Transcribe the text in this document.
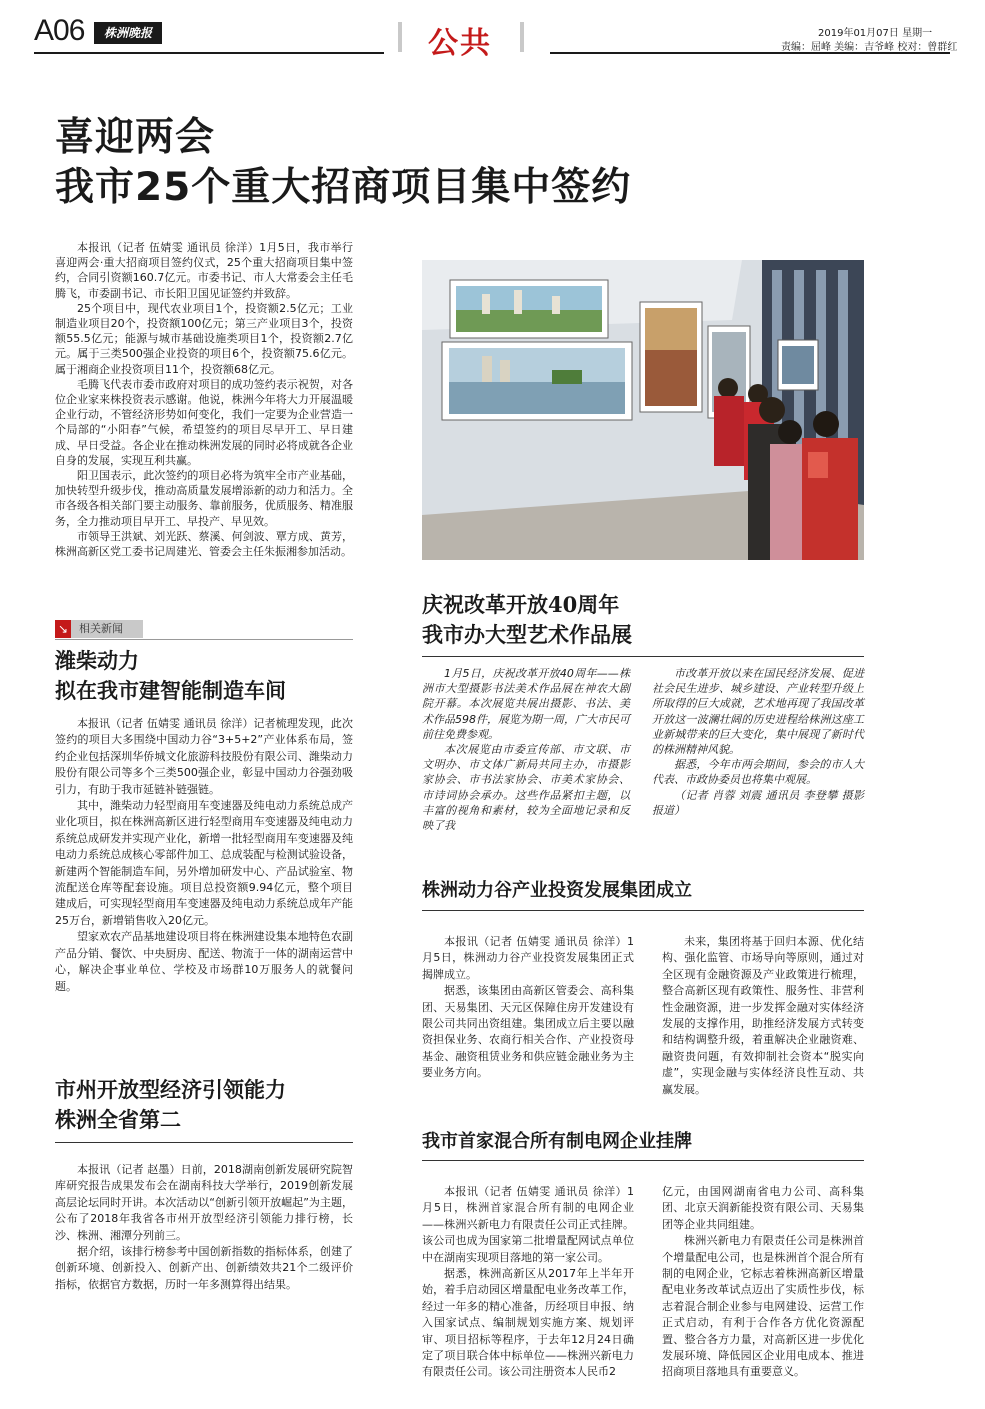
A06	株洲晚报	公共	2019年01月07日 星期一
责编：屈峰 美编：吉爷峰 校对：曾群红
喜迎两会
我市25个重大招商项目集中签约

本报讯（记者 伍婧雯 通讯员 徐洋）1月5日，我市举行喜迎两会·重大招商项目签约仪式，25个重大招商项目集中签约，合同引资额160.7亿元。市委书记、市人大常委会主任毛腾飞，市委副书记、市长阳卫国见证签约并致辞。

25个项目中，现代农业项目1个，投资额2.5亿元；工业制造业项目20个，投资额100亿元；第三产业项目3个，投资额55.5亿元；能源与城市基础设施类项目1个，投资额2.7亿元。属于三类500强企业投资的项目6个，投资额75.6亿元。属于湘商企业投资项目11个，投资额68亿元。

毛腾飞代表市委市政府对项目的成功签约表示祝贺，对各位企业家来株投资表示感谢。他说，株洲今年将大力开展温暖企业行动，不管经济形势如何变化，我们一定要为企业营造一个局部的“小阳春”气候，希望签约的项目尽早开工、早日建成、早日受益。各企业在推动株洲发展的同时必将成就各企业自身的发展，实现互利共赢。

阳卫国表示，此次签约的项目必将为筑牢全市产业基础，加快转型升级步伐，推动高质量发展增添新的动力和活力。全市各级各相关部门要主动服务、靠前服务，优质服务、精准服务，全力推动项目早开工、早投产、早见效。

市领导王洪斌、刘光跃、蔡溪、何剑波、覃方成、黄芳，株洲高新区党工委书记周建光、管委会主任朱振湘参加活动。

庆祝改革开放40周年
我市办大型艺术作品展

1月5日，庆祝改革开放40周年——株洲市大型摄影书法美术作品展在神农大剧院开幕。本次展览共展出摄影、书法、美术作品598件，展览为期一周，广大市民可前往免费参观。

本次展览由市委宣传部、市文联、市文明办、市文体广新局共同主办，市摄影家协会、市书法家协会、市美术家协会、市诗词协会承办。这些作品紧扣主题，以丰富的视角和素材，较为全面地记录和反映了我

市改革开放以来在国民经济发展、促进社会民生进步、城乡建设、产业转型升级上所取得的巨大成就，艺术地再现了我国改革开放这一波澜壮阔的历史进程给株洲这座工业新城带来的巨大变化，集中展现了新时代的株洲精神风貌。

据悉，今年市两会期间，参会的市人大代表、市政协委员也将集中观展。

（记者 肖蓉 刘震 通讯员 李登攀 摄影报道）

↘ 相关新闻
潍柴动力
拟在我市建智能制造车间

本报讯（记者 伍婧雯 通讯员 徐洋）记者梳理发现，此次签约的项目大多围绕中国动力谷“3+5+2”产业体系布局，签约企业包括深圳华侨城文化旅游科技股份有限公司、潍柴动力股份有限公司等多个三类500强企业，彰显中国动力谷强劲吸引力，有助于我市延链补链强链。

其中，潍柴动力轻型商用车变速器及纯电动力系统总成产业化项目，拟在株洲高新区进行轻型商用车变速器及纯电动力系统总成研发并实现产业化，新增一批轻型商用车变速器及纯电动力系统总成核心零部件加工、总成装配与检测试验设备，新建两个智能制造车间，另外增加研发中心、产品试验室、物流配送仓库等配套设施。项目总投资额9.94亿元，整个项目建成后，可实现轻型商用车变速器及纯电动力系统总成年产能25万台，新增销售收入20亿元。

望家欢农产品基地建设项目将在株洲建设集本地特色农副产品分销、餐饮、中央厨房、配送、物流于一体的湖南运营中心，解决企事业单位、学校及市场群10万服务人的就餐问题。

株洲动力谷产业投资发展集团成立

本报讯（记者 伍婧雯 通讯员 徐洋）1月5日，株洲动力谷产业投资发展集团正式揭牌成立。

据悉，该集团由高新区管委会、高科集团、天易集团、天元区保障住房开发建设有限公司共同出资组建。集团成立后主要以融资担保业务、农商行相关合作、产业投资母基金、融资租赁业务和供应链金融业务为主要业务方向。

未来，集团将基于回归本源、优化结构、强化监管、市场导向等原则，通过对全区现有金融资源及产业政策进行梳理，整合高新区现有政策性、服务性、非营利性金融资源，进一步发挥金融对实体经济发展的支撑作用，助推经济发展方式转变和结构调整升级，着重解决企业融资难、融资贵问题，有效抑制社会资本“脱实向虚”，实现金融与实体经济良性互动、共赢发展。

市州开放型经济引领能力
株洲全省第二

本报讯（记者 赵墨）日前，2018湖南创新发展研究院智库研究报告成果发布会在湖南科技大学举行，2019创新发展高层论坛同时开讲。本次活动以“创新引领开放崛起”为主题，公布了2018年我省各市州开放型经济引领能力排行榜，长沙、株洲、湘潭分列前三。

据介绍，该排行榜参考中国创新指数的指标体系，创建了创新环境、创新投入、创新产出、创新绩效共21个二级评价指标，依据官方数据，历时一年多测算得出结果。

我市首家混合所有制电网企业挂牌

本报讯（记者 伍婧雯 通讯员 徐洋）1月5日，株洲首家混合所有制的电网企业——株洲兴新电力有限责任公司正式挂牌。该公司也成为国家第二批增量配网试点单位中在湖南实现项目落地的第一家公司。

据悉，株洲高新区从2017年上半年开始，着手启动园区增量配电业务改革工作，经过一年多的精心准备，历经项目申报、纳入国家试点、编制规划实施方案、规划评审、项目招标等程序，于去年12月24日确定了项目联合体中标单位——株洲兴新电力有限责任公司。该公司注册资本人民币2

亿元，由国网湖南省电力公司、高科集团、北京天润新能投资有限公司、天易集团等企业共同组建。

株洲兴新电力有限责任公司是株洲首个增量配电公司，也是株洲首个混合所有制的电网企业，它标志着株洲高新区增量配电业务改革试点迈出了实质性步伐，标志着混合制企业参与电网建设、运营工作正式启动，有利于合作各方优化资源配置、整合各方力量，对高新区进一步优化发展环境、降低园区企业用电成本、推进招商项目落地具有重要意义。
